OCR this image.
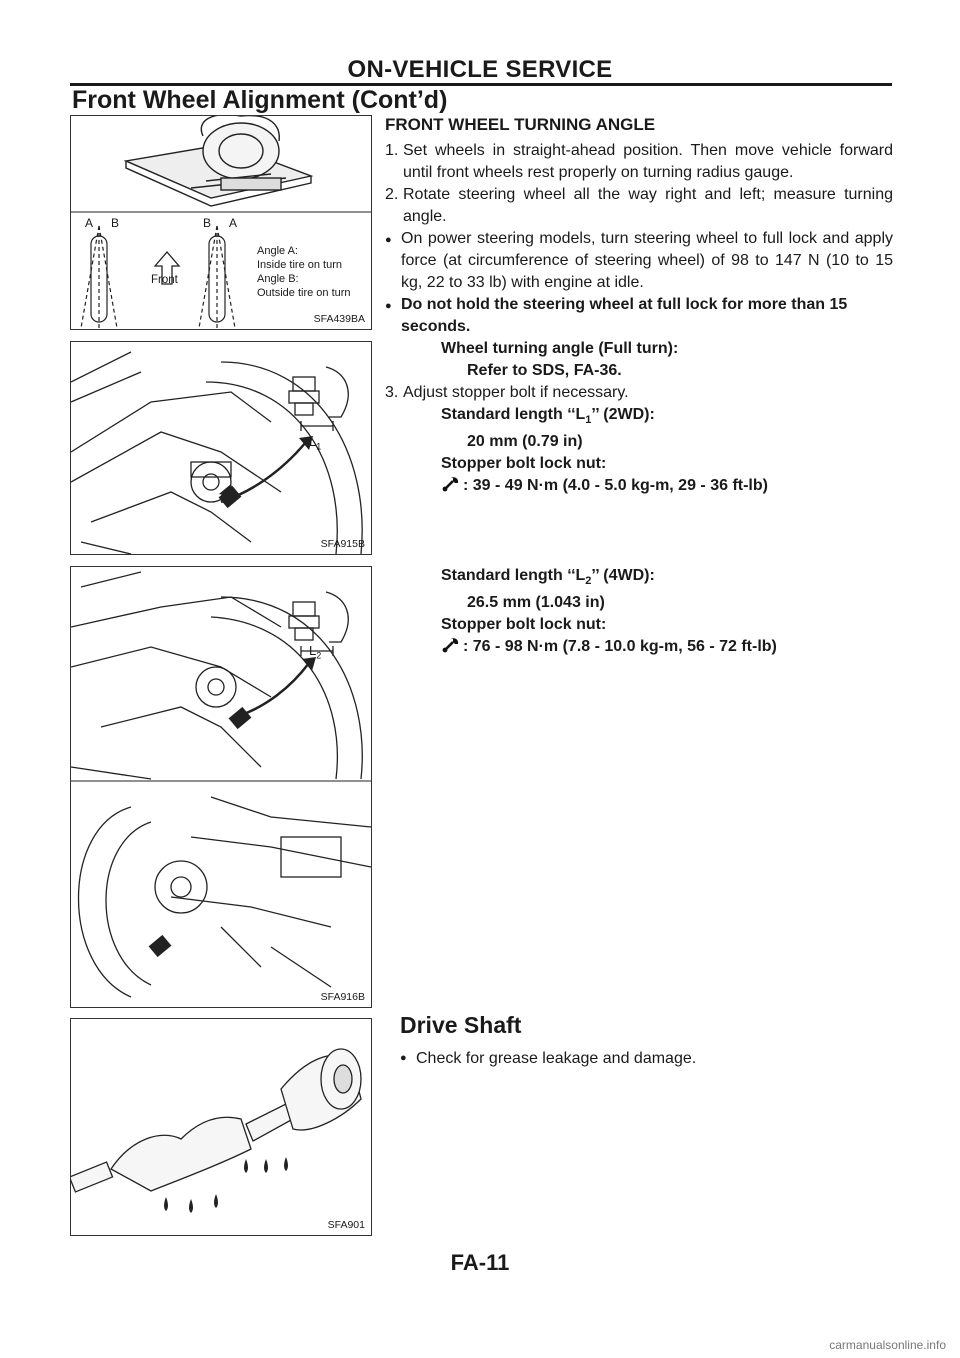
ON-VEHICLE SERVICE
Front Wheel Alignment (Cont’d)
A B	B A
Front
Angle A:
Inside tire on turn
Angle B:
Outside tire on turn
SFA439BA
$L_1$
SFA915B
$L_2$
SFA916B
SFA901
FRONT WHEEL TURNING ANGLE
1. Set wheels in straight-ahead position. Then move vehicle forward until front wheels rest properly on turning radius gauge.
2. Rotate steering wheel all the way right and left; measure turning angle.
● On power steering models, turn steering wheel to full lock and apply force (at circumference of steering wheel) of 98 to 147 N (10 to 15 kg, 22 to 33 lb) with engine at idle.
● Do not hold the steering wheel at full lock for more than 15 seconds.
Wheel turning angle (Full turn):
Refer to SDS, FA-36.
3. Adjust stopper bolt if necessary.
Standard length ‘‘$L_1$’’ (2WD):
20 mm (0.79 in)
Stopper bolt lock nut:
: 39 - 49 N·m (4.0 - 5.0 kg-m, 29 - 36 ft-lb)
Standard length ‘‘$L_2$’’ (4WD):
26.5 mm (1.043 in)
Stopper bolt lock nut:
: 76 - 98 N·m (7.8 - 10.0 kg-m, 56 - 72 ft-lb)
Drive Shaft
● Check for grease leakage and damage.
FA-11
carmanualsonline.info
